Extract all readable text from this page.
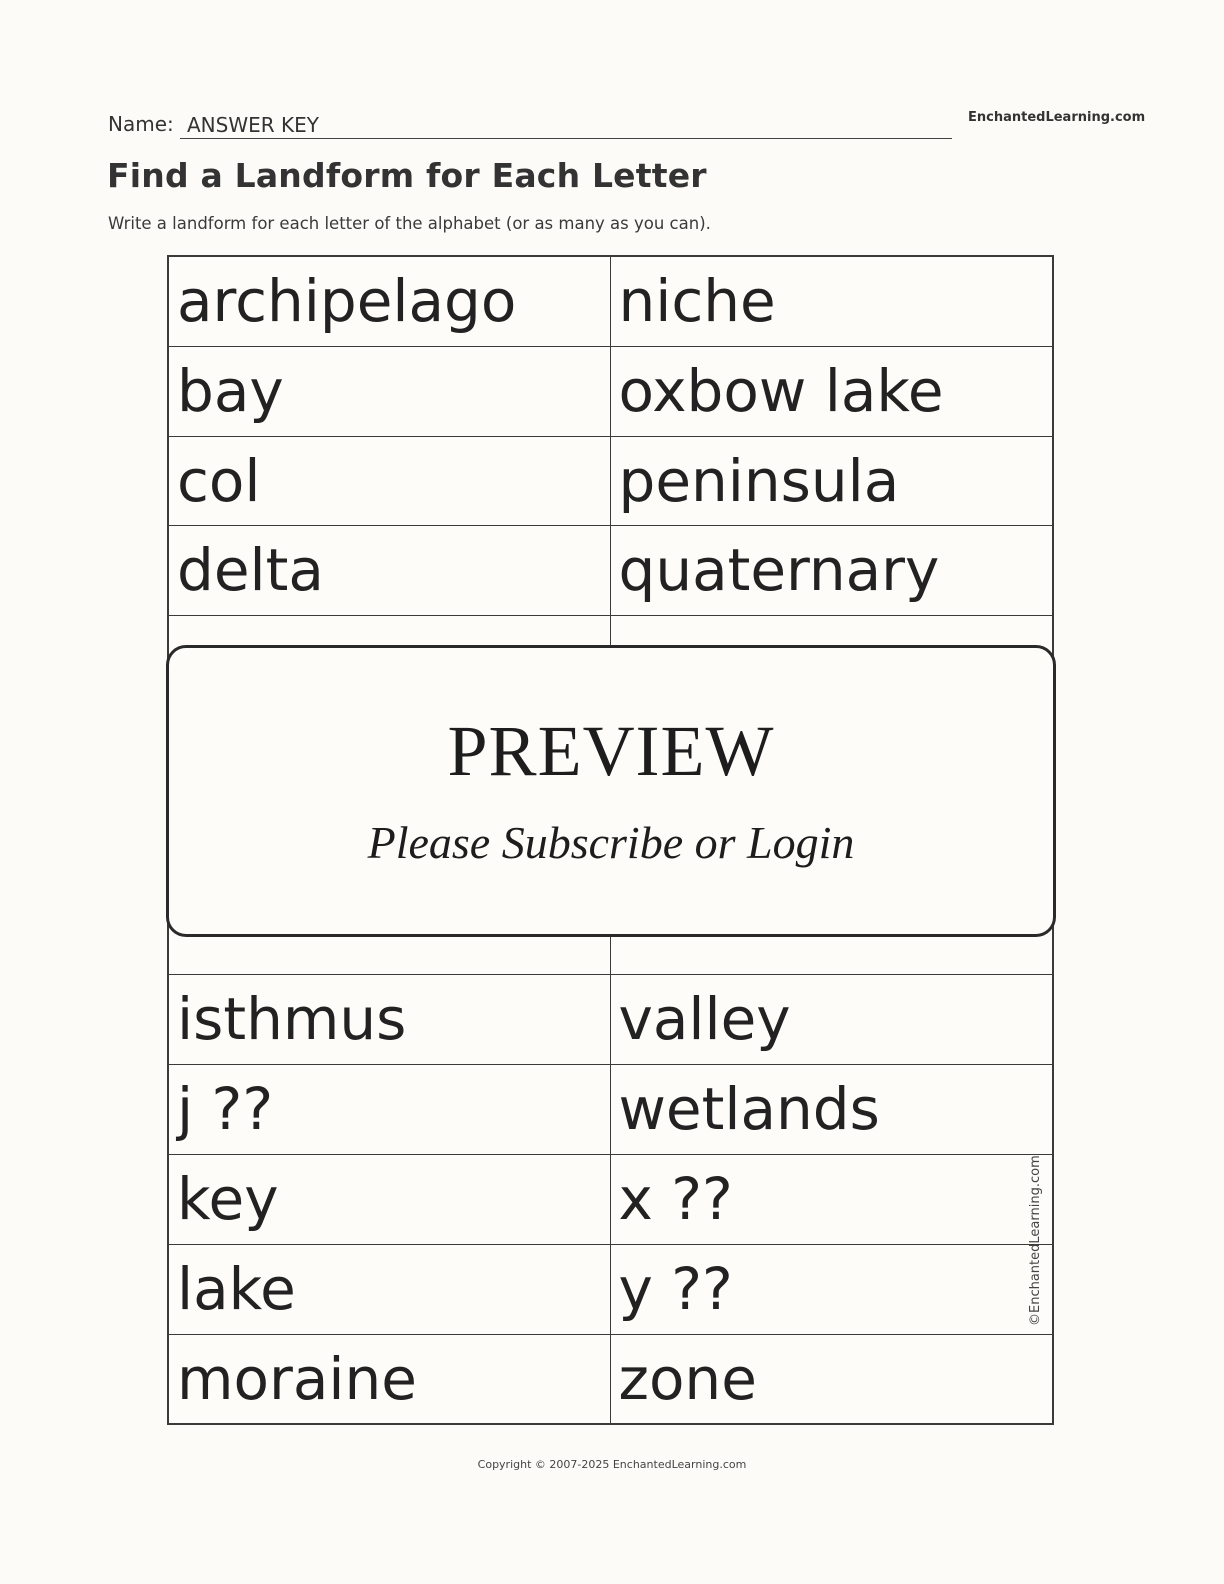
Name: ANSWER KEY	EnchantedLearning.com
Find a Landform for Each Letter
Write a landform for each letter of the alphabet (or as many as you can).
archipelago	niche
bay	oxbow lake
col	peninsula
delta	quaternary
isthmus	valley
j ??	wetlands
key	x ??
lake	y ??
moraine	zone
©EnchantedLearning.com
PREVIEW
Please Subscribe or Login
Copyright © 2007-2025 EnchantedLearning.com
